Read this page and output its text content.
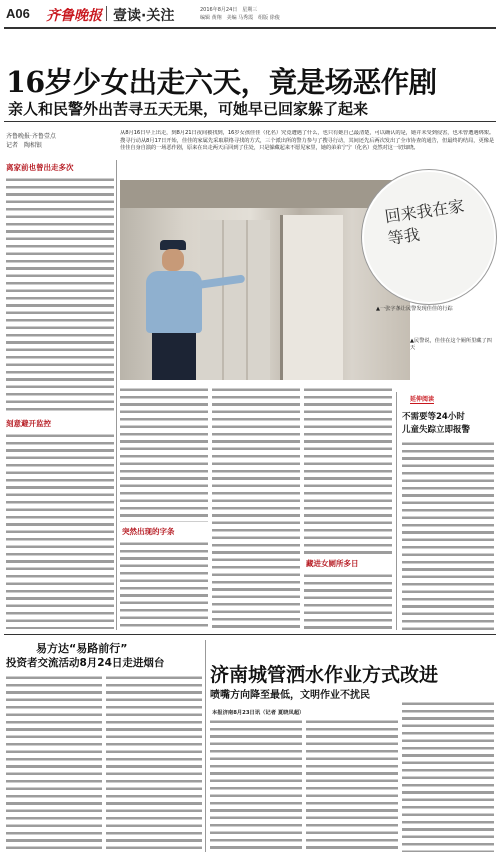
A06 齐鲁晚报 壹读·关注	2016年8月24日　星期三
编辑 黄翔　美编 马秀霞　组版 徐俊
16岁少女出走六天，竟是场恶作剧
亲人和民警外出苦寻五天无果，可她早已回家躲了起来
齐鲁晚报·齐鲁壹点
记者　陶相银
从8月16日早上出走，到8月21日夜间被找到，16岁女孩佳佳（化名）究竟遭遇了什么，也只有她自己最清楚，可以确认的是，她并未受到侵害，也未曾遭遇绑架。搜寻行动从8月17日开始，佳佳的家属先采取联络寻找的方式，三个派出所的警力参与了搜寻行动，其间还先后两次发出了全市协查的通告，但最终的结局，更像是佳佳自身自演的一场恶作剧，原来在出走两天后回到了住处，只是躲藏起来不愿见家里，她的弟弟宁宁（化名）竟然对这一切知晓。
离家前也曾出走多次
刻意避开监控
回来我在家等我
▲一张字条让民警发现佳佳的行踪
▲民警说，佳佳在这个厕所里藏了四天
突然出现的字条
藏进女厕所多日
延伸阅读
不需要等24小时
儿童失踪立即报警
易方达“易路前行”
投资者交流活动8月24日走进烟台
济南城管洒水作业方式改进
喷嘴方向降至最低，文明作业不扰民
本报济南8月23日讯（记者 夏晓凤超）
